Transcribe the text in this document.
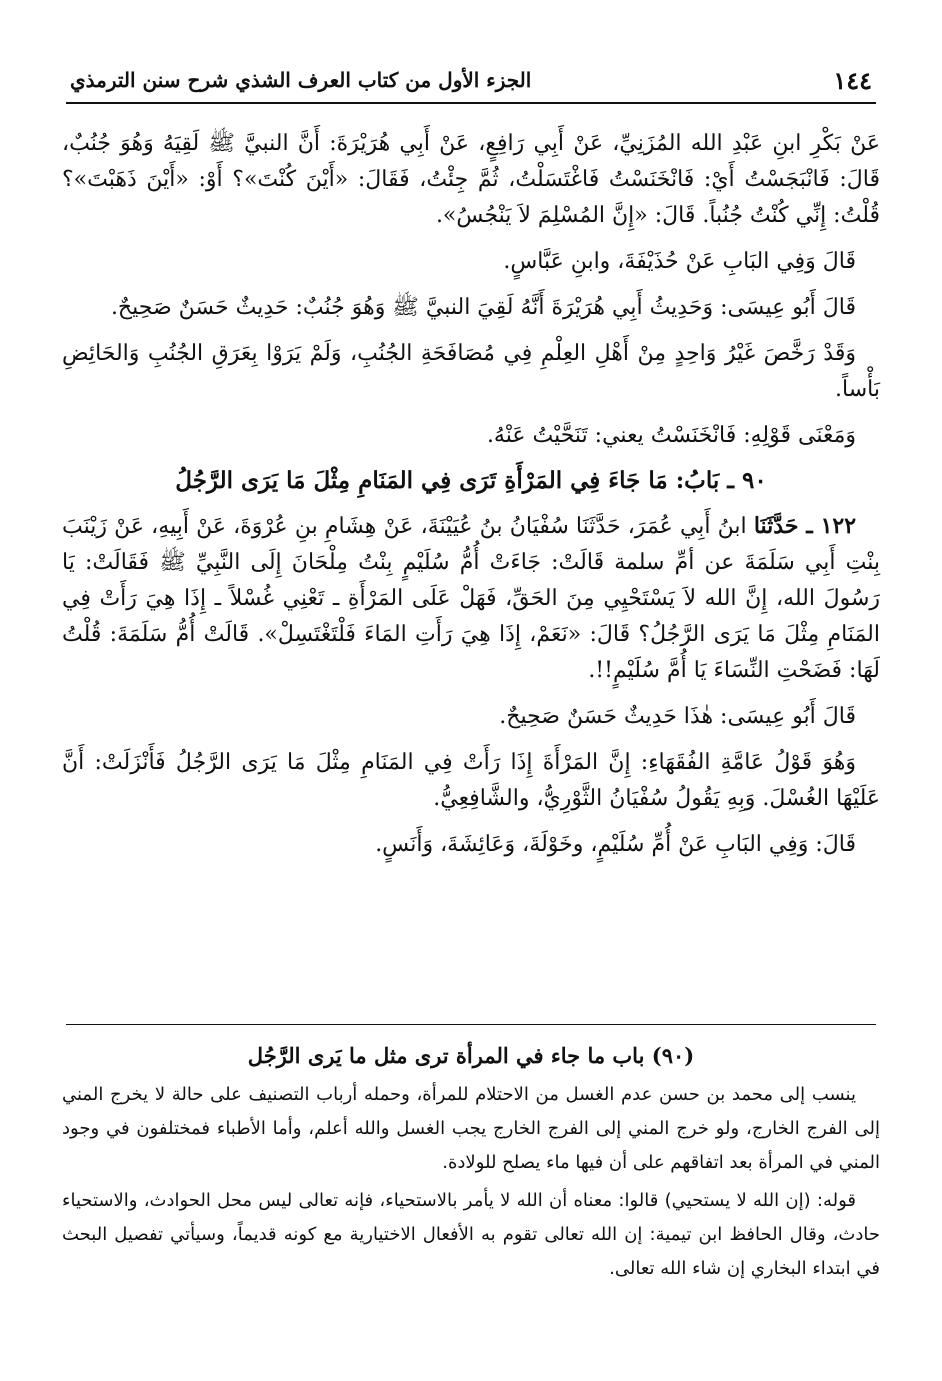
١٤٤
الجزء الأول من كتاب العرف الشذي شرح سنن الترمذي

عَنْ بَكْرِ ابنِ عَبْدِ الله المُزَنِيِّ، عَنْ أَبِي رَافِعٍ، عَنْ أَبِي هُرَيْرَةَ: أَنَّ النبيَّ ﷺ لَقِيَهُ وَهُوَ جُنُبٌ، قَالَ: فَانْبَجَسْتُ أَيْ: فَانْخَنَسْتُ فَاغْتَسَلْتُ، ثُمَّ جِئْتُ، فَقَالَ: «أَيْنَ كُنْتَ»؟ أَوْ: «أَيْنَ ذَهَبْتَ»؟ قُلْتُ: إِنِّي كُنْتُ جُنُباً. قَالَ: «إِنَّ المُسْلِمَ لاَ يَنْجُسُ».

قَالَ وَفِي البَابِ عَنْ حُذَيْفَةَ، وابنِ عَبَّاسٍ.

قَالَ أَبُو عِيسَى: وَحَدِيثُ أَبِي هُرَيْرَةَ أَنَّهُ لَقِيَ النبيَّ ﷺ وَهُوَ جُنُبٌ: حَدِيثٌ حَسَنٌ صَحِيحٌ.

وَقَدْ رَخَّصَ غَيْرُ وَاحِدٍ مِنْ أَهْلِ العِلْمِ فِي مُصَافَحَةِ الجُنُبِ، وَلَمْ يَرَوْا بِعَرَقِ الجُنُبِ وَالحَائِضِ بَأْساً.

وَمَعْنَى قَوْلِهِ: فَانْخَنَسْتُ يعني: تَنَحَّيْتُ عَنْهُ.

٩٠ ـ بَابُ: مَا جَاءَ فِي المَرْأَةِ تَرَى فِي المَنَامِ مِثْلَ مَا يَرَى الرَّجُلُ

١٢٢ ـ حَدَّثَنَا ابنُ أَبِي عُمَرَ، حَدَّثَنَا سُفْيَانُ بنُ عُيَيْنَةَ، عَنْ هِشَامِ بنِ عُرْوَةَ، عَنْ أَبِيهِ، عَنْ زَيْنَبَ بِنْتِ أَبِي سَلَمَةَ عن أمِّ سلمة قَالَتْ: جَاءَتْ أُمُّ سُلَيْمٍ بِنْتُ مِلْحَانَ إِلَى النَّبِيِّ ﷺ فَقَالَتْ: يَا رَسُولَ الله، إِنَّ الله لاَ يَسْتَحْيِي مِنَ الحَقِّ، فَهَلْ عَلَى المَرْأَةِ ـ تَعْنِي غُسْلاً ـ إِذَا هِيَ رَأَتْ فِي المَنَامِ مِثْلَ مَا يَرَى الرَّجُلُ؟ قَالَ: «نَعَمْ، إِذَا هِيَ رَأَتِ المَاءَ فَلْتَغْتَسِلْ». قَالَتْ أُمُّ سَلَمَةَ: قُلْتُ لَهَا: فَضَحْتِ النِّسَاءَ يَا أُمَّ سُلَيْمٍ!!.

قَالَ أَبُو عِيسَى: هٰذَا حَدِيثٌ حَسَنٌ صَحِيحٌ.

وَهُوَ قَوْلُ عَامَّةِ الفُقَهَاءِ: إِنَّ المَرْأَةَ إِذَا رَأَتْ فِي المَنَامِ مِثْلَ مَا يَرَى الرَّجُلُ فَأَنْزَلَتْ: أَنَّ عَلَيْهَا الغُسْلَ. وَبِهِ يَقُولُ سُفْيَانُ الثَّوْرِيُّ، والشَّافِعِيُّ.

قَالَ: وَفِي البَابِ عَنْ أُمِّ سُلَيْمٍ، وخَوْلَةَ، وَعَائِشَةَ، وَأَنَسٍ.

(٩٠) باب ما جاء في المرأة ترى مثل ما يَرى الرَّجُل

ينسب إلى محمد بن حسن عدم الغسل من الاحتلام للمرأة، وحمله أرباب التصنيف على حالة لا يخرج المني إلى الفرج الخارج، ولو خرج المني إلى الفرج الخارج يجب الغسل والله أعلم، وأما الأطباء فمختلفون في وجود المني في المرأة بعد اتفاقهم على أن فيها ماء يصلح للولادة.

قوله: (إن الله لا يستحيي) قالوا: معناه أن الله لا يأمر بالاستحياء، فإنه تعالى ليس محل الحوادث، والاستحياء حادث، وقال الحافظ ابن تيمية: إن الله تعالى تقوم به الأفعال الاختيارية مع كونه قديماً، وسيأتي تفصيل البحث في ابتداء البخاري إن شاء الله تعالى.
